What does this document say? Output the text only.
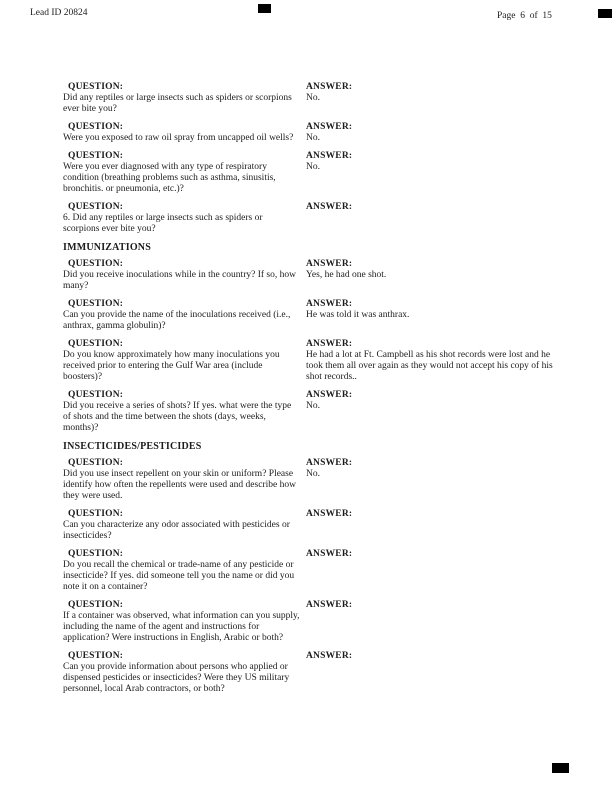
Lead ID 20824	Page  6  of  15
QUESTION:
Did any reptiles or large insects such as spiders or scorpions ever bite you?
ANSWER:
No.
QUESTION:
Were you exposed to raw oil spray from uncapped oil wells?
ANSWER:
No.
QUESTION:
Were you ever diagnosed with any type of respiratory condition (breathing problems such as asthma, sinusitis, bronchitis. or pneumonia, etc.)?
ANSWER:
No.
QUESTION:
6. Did any reptiles or large insects such as spiders or scorpions ever bite you?
ANSWER:
IMMUNIZATIONS
QUESTION:
Did you receive inoculations while in the country? If so, how many?
ANSWER:
Yes, he had one shot.
QUESTION:
Can you provide the name of the inoculations received (i.e., anthrax, gamma globulin)?
ANSWER:
He was told it was anthrax.
QUESTION:
Do you know approximately how many inoculations you received prior to entering the Gulf War area (include boosters)?
ANSWER:
He had a lot at Ft. Campbell as his shot records were lost and he took them all over again as they would not accept his copy of his shot records..
QUESTION:
Did you receive a series of shots? If yes. what were the type of shots and the time between the shots (days, weeks, months)?
ANSWER:
No.
INSECTICIDES/PESTICIDES
QUESTION:
Did you use insect repellent on your skin or uniform? Please identify how often the repellents were used and describe how they were used.
ANSWER:
No.
QUESTION:
Can you characterize any odor associated with pesticides or insecticides?
ANSWER:
QUESTION:
Do you recall the chemical or trade-name of any pesticide or insecticide? If yes. did someone tell you the name or did you note it on a container?
ANSWER:
QUESTION:
If a container was observed, what information can you supply, including the name of the agent and instructions for application? Were instructions in English, Arabic or both?
ANSWER:
QUESTION:
Can you provide information about persons who applied or dispensed pesticides or insecticides? Were they US military personnel, local Arab contractors, or both?
ANSWER:
